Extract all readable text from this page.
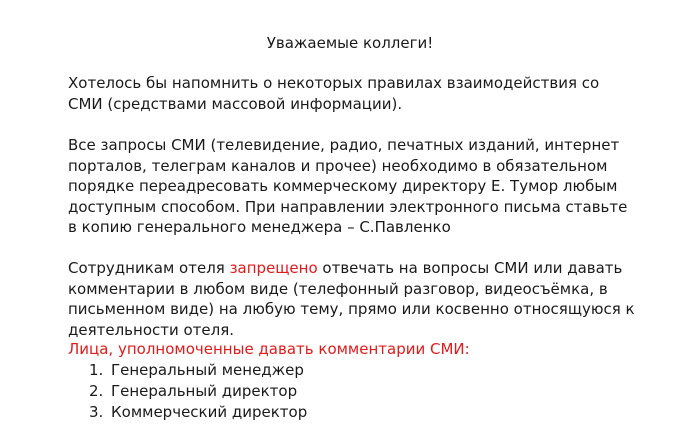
Уважаемые коллеги!
Хотелось бы напомнить о некоторых правилах взаимодействия со
СМИ (средствами массовой информации).
Все запросы СМИ (телевидение, радио, печатных изданий, интернет
порталов, телеграм каналов и прочее) необходимо в обязательном
порядке переадресовать коммерческому директору Е. Тумор любым
доступным способом. При направлении электронного письма ставьте
в копию генерального менеджера – С.Павленко
Сотрудникам отеля запрещено отвечать на вопросы СМИ или давать
комментарии в любом виде (телефонный разговор, видеосъёмка, в
письменном виде) на любую тему, прямо или косвенно относящуюся к
деятельности отеля.
Лица, уполномоченные давать комментарии СМИ:
1. Генеральный менеджер
2. Генеральный директор
3. Коммерческий директор
